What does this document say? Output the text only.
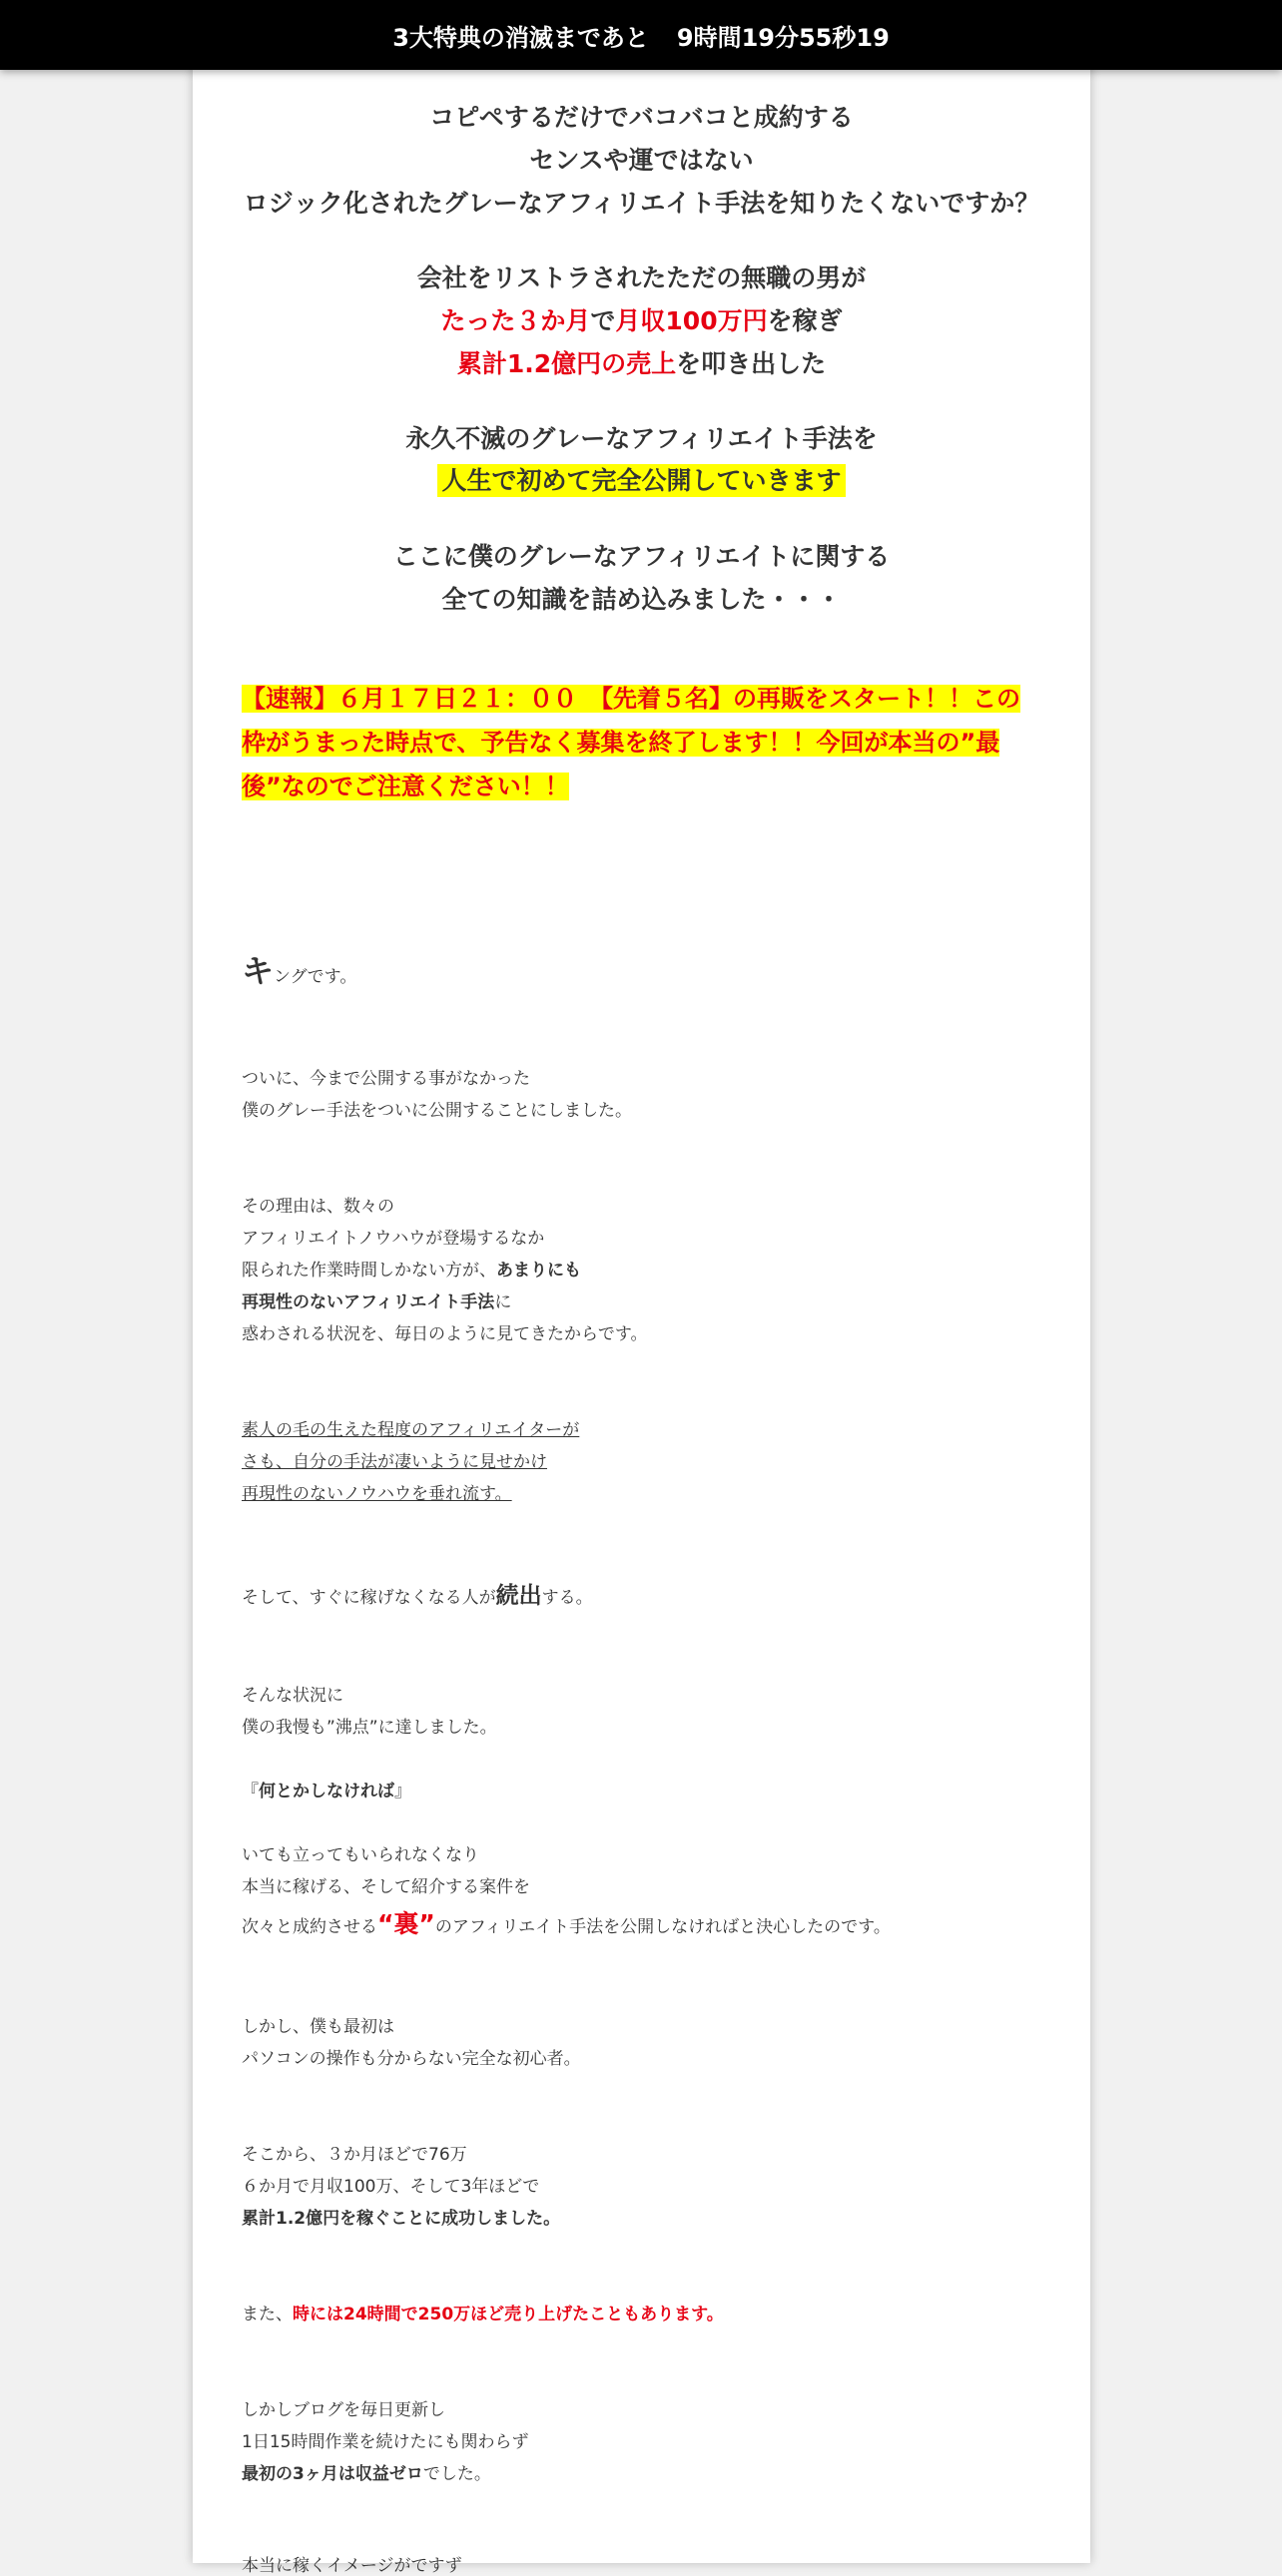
3大特典の消滅まであと 9時間19分55秒19
コピペするだけでバコバコと成約する
センスや運ではない
ロジック化されたグレーなアフィリエイト手法を知りたくないですか？
会社をリストラされたただの無職の男が
たった３か月で月収100万円を稼ぎ
累計1.2億円の売上を叩き出した
永久不滅のグレーなアフィリエイト手法を
人生で初めて完全公開していきます
ここに僕のグレーなアフィリエイトに関する
全ての知識を詰め込みました・・・
【速報】６月１７日２１：００　【先着５名】の再販をスタート！！この
枠がうまった時点で、予告なく募集を終了します！！今回が本当の”最
後”なのでご注意ください！！
キングです。
ついに、今まで公開する事がなかった
僕のグレー手法をついに公開することにしました。
その理由は、数々の
アフィリエイトノウハウが登場するなか
限られた作業時間しかない方が、あまりにも
再現性のないアフィリエイト手法に
惑わされる状況を、毎日のように見てきたからです。
素人の毛の生えた程度のアフィリエイターが
さも、自分の手法が凄いように見せかけ
再現性のないノウハウを垂れ流す。
そして、すぐに稼げなくなる人が続出する。
そんな状況に
僕の我慢も”沸点”に達しました。
『何とかしなければ』
いても立ってもいられなくなり
本当に稼げる、そして紹介する案件を
次々と成約させる“裏”のアフィリエイト手法を公開しなければと決心したのです。
しかし、僕も最初は
パソコンの操作も分からない完全な初心者。
そこから、３か月ほどで76万
６か月で月収100万、そして3年ほどで
累計1.2億円を稼ぐことに成功しました。
また、時には24時間で250万ほど売り上げたこともあります。
しかしブログを毎日更新し
1日15時間作業を続けたにも関わらず
最初の3ヶ月は収益ゼロでした。
本当に稼くイメージがですず
